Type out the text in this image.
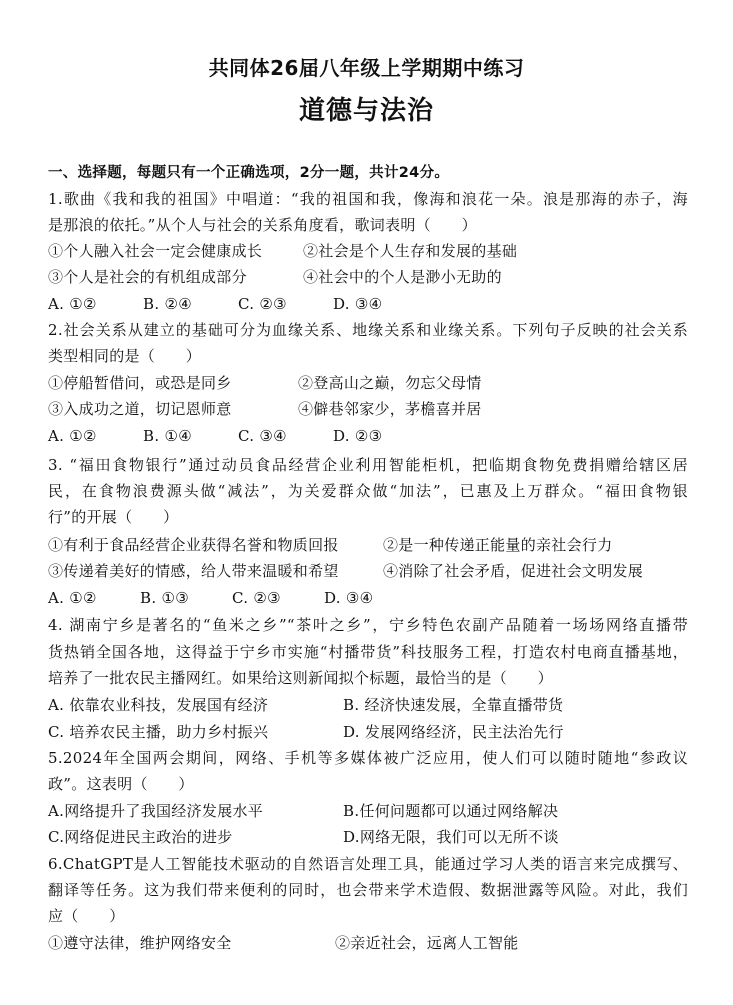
共同体26届八年级上学期期中练习
道德与法治
一、选择题，每题只有一个正确选项，2分一题，共计24分。
1.歌曲《我和我的祖国》中唱道：“我的祖国和我，像海和浪花一朵。浪是那海的赤子，海
是那浪的依托。”从个人与社会的关系角度看，歌词表明（　　）
①个人融入社会一定会健康成长	②社会是个人生存和发展的基础
③个人是社会的有机组成部分	④社会中的个人是渺小无助的
A. ①②	B. ②④	C. ②③	D. ③④
2.社会关系从建立的基础可分为血缘关系、地缘关系和业缘关系。下列句子反映的社会关系
类型相同的是（　　）
①停船暂借问，或恐是同乡	②登高山之巅，勿忘父母情
③入成功之道，切记恩师意	④僻巷邻家少，茅檐喜并居
A. ①②	B. ①④	C. ③④	D. ②③
3. “福田食物银行”通过动员食品经营企业利用智能柜机，把临期食物免费捐赠给辖区居
民，在食物浪费源头做“减法”，为关爱群众做“加法”，已惠及上万群众。“福田食物银
行”的开展（　　）
①有利于食品经营企业获得名誉和物质回报	②是一种传递正能量的亲社会行力
③传递着美好的情感，给人带来温暖和希望	④消除了社会矛盾，促进社会文明发展
A. ①②	B. ①③	C. ②③	D. ③④
4. 湖南宁乡是著名的“鱼米之乡”“茶叶之乡”，宁乡特色农副产品随着一场场网络直播带
货热销全国各地，这得益于宁乡市实施“村播带货”科技服务工程，打造农村电商直播基地，
培养了一批农民主播网红。如果给这则新闻拟个标题，最恰当的是（　　）
A. 依靠农业科技，发展国有经济	B. 经济快速发展，全靠直播带货
C. 培养农民主播，助力乡村振兴	D. 发展网络经济，民主法治先行
5.2024年全国两会期间，网络、手机等多媒体被广泛应用，使人们可以随时随地“参政议
政”。这表明（　　）
A.网络提升了我国经济发展水平	B.任何问题都可以通过网络解决
C.网络促进民主政治的进步	D.网络无限，我们可以无所不谈
6.ChatGPT是人工智能技术驱动的自然语言处理工具，能通过学习人类的语言来完成撰写、
翻译等任务。这为我们带来便利的同时，也会带来学术造假、数据泄露等风险。对此，我们
应（　　）
①遵守法律，维护网络安全	②亲近社会，远离人工智能
